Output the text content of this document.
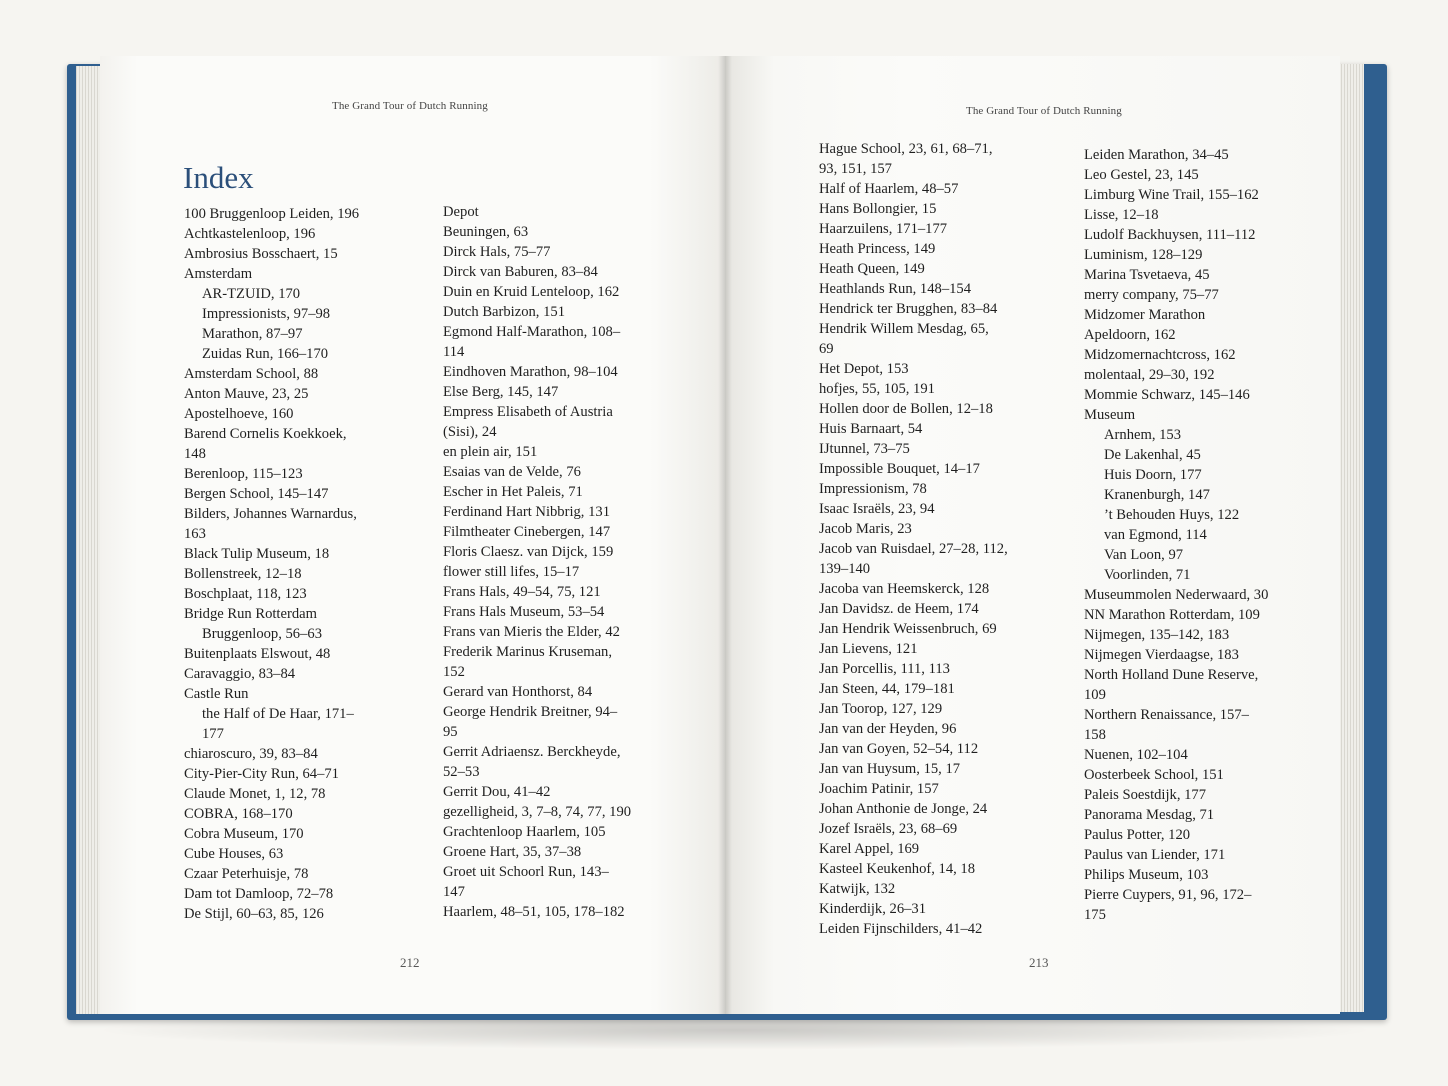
The Grand Tour of Dutch Running	The Grand Tour of Dutch Running
Index
100 Bruggenloop Leiden, 196
Achtkastelenloop, 196
Ambrosius Bosschaert, 15
Amsterdam
AR-TZUID, 170
Impressionists, 97–98
Marathon, 87–97
Zuidas Run, 166–170
Amsterdam School, 88
Anton Mauve, 23, 25
Apostelhoeve, 160
Barend Cornelis Koekkoek,
148
Berenloop, 115–123
Bergen School, 145–147
Bilders, Johannes Warnardus,
163
Black Tulip Museum, 18
Bollenstreek, 12–18
Boschplaat, 118, 123
Bridge Run Rotterdam
Bruggenloop, 56–63
Buitenplaats Elswout, 48
Caravaggio, 83–84
Castle Run
the Half of De Haar, 171–
177
chiaroscuro, 39, 83–84
City-Pier-City Run, 64–71
Claude Monet, 1, 12, 78
COBRA, 168–170
Cobra Museum, 170
Cube Houses, 63
Czaar Peterhuisje, 78
Dam tot Damloop, 72–78
De Stijl, 60–63, 85, 126
Depot
Beuningen, 63
Dirck Hals, 75–77
Dirck van Baburen, 83–84
Duin en Kruid Lenteloop, 162
Dutch Barbizon, 151
Egmond Half-Marathon, 108–
114
Eindhoven Marathon, 98–104
Else Berg, 145, 147
Empress Elisabeth of Austria
(Sisi), 24
en plein air, 151
Esaias van de Velde, 76
Escher in Het Paleis, 71
Ferdinand Hart Nibbrig, 131
Filmtheater Cinebergen, 147
Floris Claesz. van Dijck, 159
flower still lifes, 15–17
Frans Hals, 49–54, 75, 121
Frans Hals Museum, 53–54
Frans van Mieris the Elder, 42
Frederik Marinus Kruseman,
152
Gerard van Honthorst, 84
George Hendrik Breitner, 94–
95
Gerrit Adriaensz. Berckheyde,
52–53
Gerrit Dou, 41–42
gezelligheid, 3, 7–8, 74, 77, 190
Grachtenloop Haarlem, 105
Groene Hart, 35, 37–38
Groet uit Schoorl Run, 143–
147
Haarlem, 48–51, 105, 178–182
Hague School, 23, 61, 68–71,
93, 151, 157
Half of Haarlem, 48–57
Hans Bollongier, 15
Haarzuilens, 171–177
Heath Princess, 149
Heath Queen, 149
Heathlands Run, 148–154
Hendrick ter Brugghen, 83–84
Hendrik Willem Mesdag, 65,
69
Het Depot, 153
hofjes, 55, 105, 191
Hollen door de Bollen, 12–18
Huis Barnaart, 54
IJtunnel, 73–75
Impossible Bouquet, 14–17
Impressionism, 78
Isaac Israëls, 23, 94
Jacob Maris, 23
Jacob van Ruisdael, 27–28, 112,
139–140
Jacoba van Heemskerck, 128
Jan Davidsz. de Heem, 174
Jan Hendrik Weissenbruch, 69
Jan Lievens, 121
Jan Porcellis, 111, 113
Jan Steen, 44, 179–181
Jan Toorop, 127, 129
Jan van der Heyden, 96
Jan van Goyen, 52–54, 112
Jan van Huysum, 15, 17
Joachim Patinir, 157
Johan Anthonie de Jonge, 24
Jozef Israëls, 23, 68–69
Karel Appel, 169
Kasteel Keukenhof, 14, 18
Katwijk, 132
Kinderdijk, 26–31
Leiden Fijnschilders, 41–42
Leiden Marathon, 34–45
Leo Gestel, 23, 145
Limburg Wine Trail, 155–162
Lisse, 12–18
Ludolf Backhuysen, 111–112
Luminism, 128–129
Marina Tsvetaeva, 45
merry company, 75–77
Midzomer Marathon
Apeldoorn, 162
Midzomernachtcross, 162
molentaal, 29–30, 192
Mommie Schwarz, 145–146
Museum
Arnhem, 153
De Lakenhal, 45
Huis Doorn, 177
Kranenburgh, 147
’t Behouden Huys, 122
van Egmond, 114
Van Loon, 97
Voorlinden, 71
Museummolen Nederwaard, 30
NN Marathon Rotterdam, 109
Nijmegen, 135–142, 183
Nijmegen Vierdaagse, 183
North Holland Dune Reserve,
109
Northern Renaissance, 157–
158
Nuenen, 102–104
Oosterbeek School, 151
Paleis Soestdijk, 177
Panorama Mesdag, 71
Paulus Potter, 120
Paulus van Liender, 171
Philips Museum, 103
Pierre Cuypers, 91, 96, 172–
175
212	213
